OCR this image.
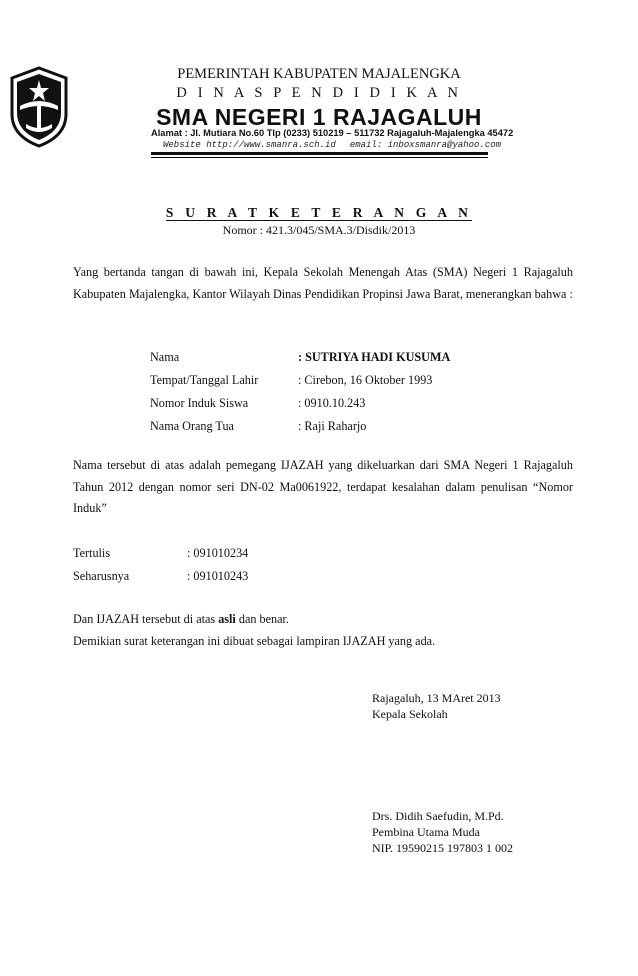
PEMERINTAH KABUPATEN MAJALENGKA
D I N A S P E N D I D I K A N
SMA NEGERI 1 RAJAGALUH
Alamat : Jl. Mutiara No.60 Tlp (0233) 510219 – 511732 Rajagaluh-Majalengka 45472
Website http://www.smanra.sch.id email: inboxsmanra@yahoo.com
S U R A T K E T E R A N G A N
Nomor : 421.3/045/SMA.3/Disdik/2013
Yang bertanda tangan di bawah ini, Kepala Sekolah Menengah Atas (SMA) Negeri 1 Rajagaluh Kabupaten Majalengka, Kantor Wilayah Dinas Pendidikan Propinsi Jawa Barat, menerangkan bahwa :
Nama	: SUTRIYA HADI KUSUMA
Tempat/Tanggal Lahir	: Cirebon, 16 Oktober 1993
Nomor Induk Siswa	: 0910.10.243
Nama Orang Tua	: Raji Raharjo
Nama tersebut di atas adalah pemegang IJAZAH yang dikeluarkan dari SMA Negeri 1 Rajagaluh Tahun 2012 dengan nomor seri DN-02 Ma0061922, terdapat kesalahan dalam penulisan “Nomor Induk”
Tertulis	: 091010234
Seharusnya	: 091010243
Dan IJAZAH tersebut di atas asli dan benar.
Demikian surat keterangan ini dibuat sebagai lampiran IJAZAH yang ada.
Rajagaluh, 13 MAret 2013
Kepala Sekolah
Drs. Didih Saefudin, M.Pd.
Pembina Utama Muda
NIP. 19590215 197803 1 002
